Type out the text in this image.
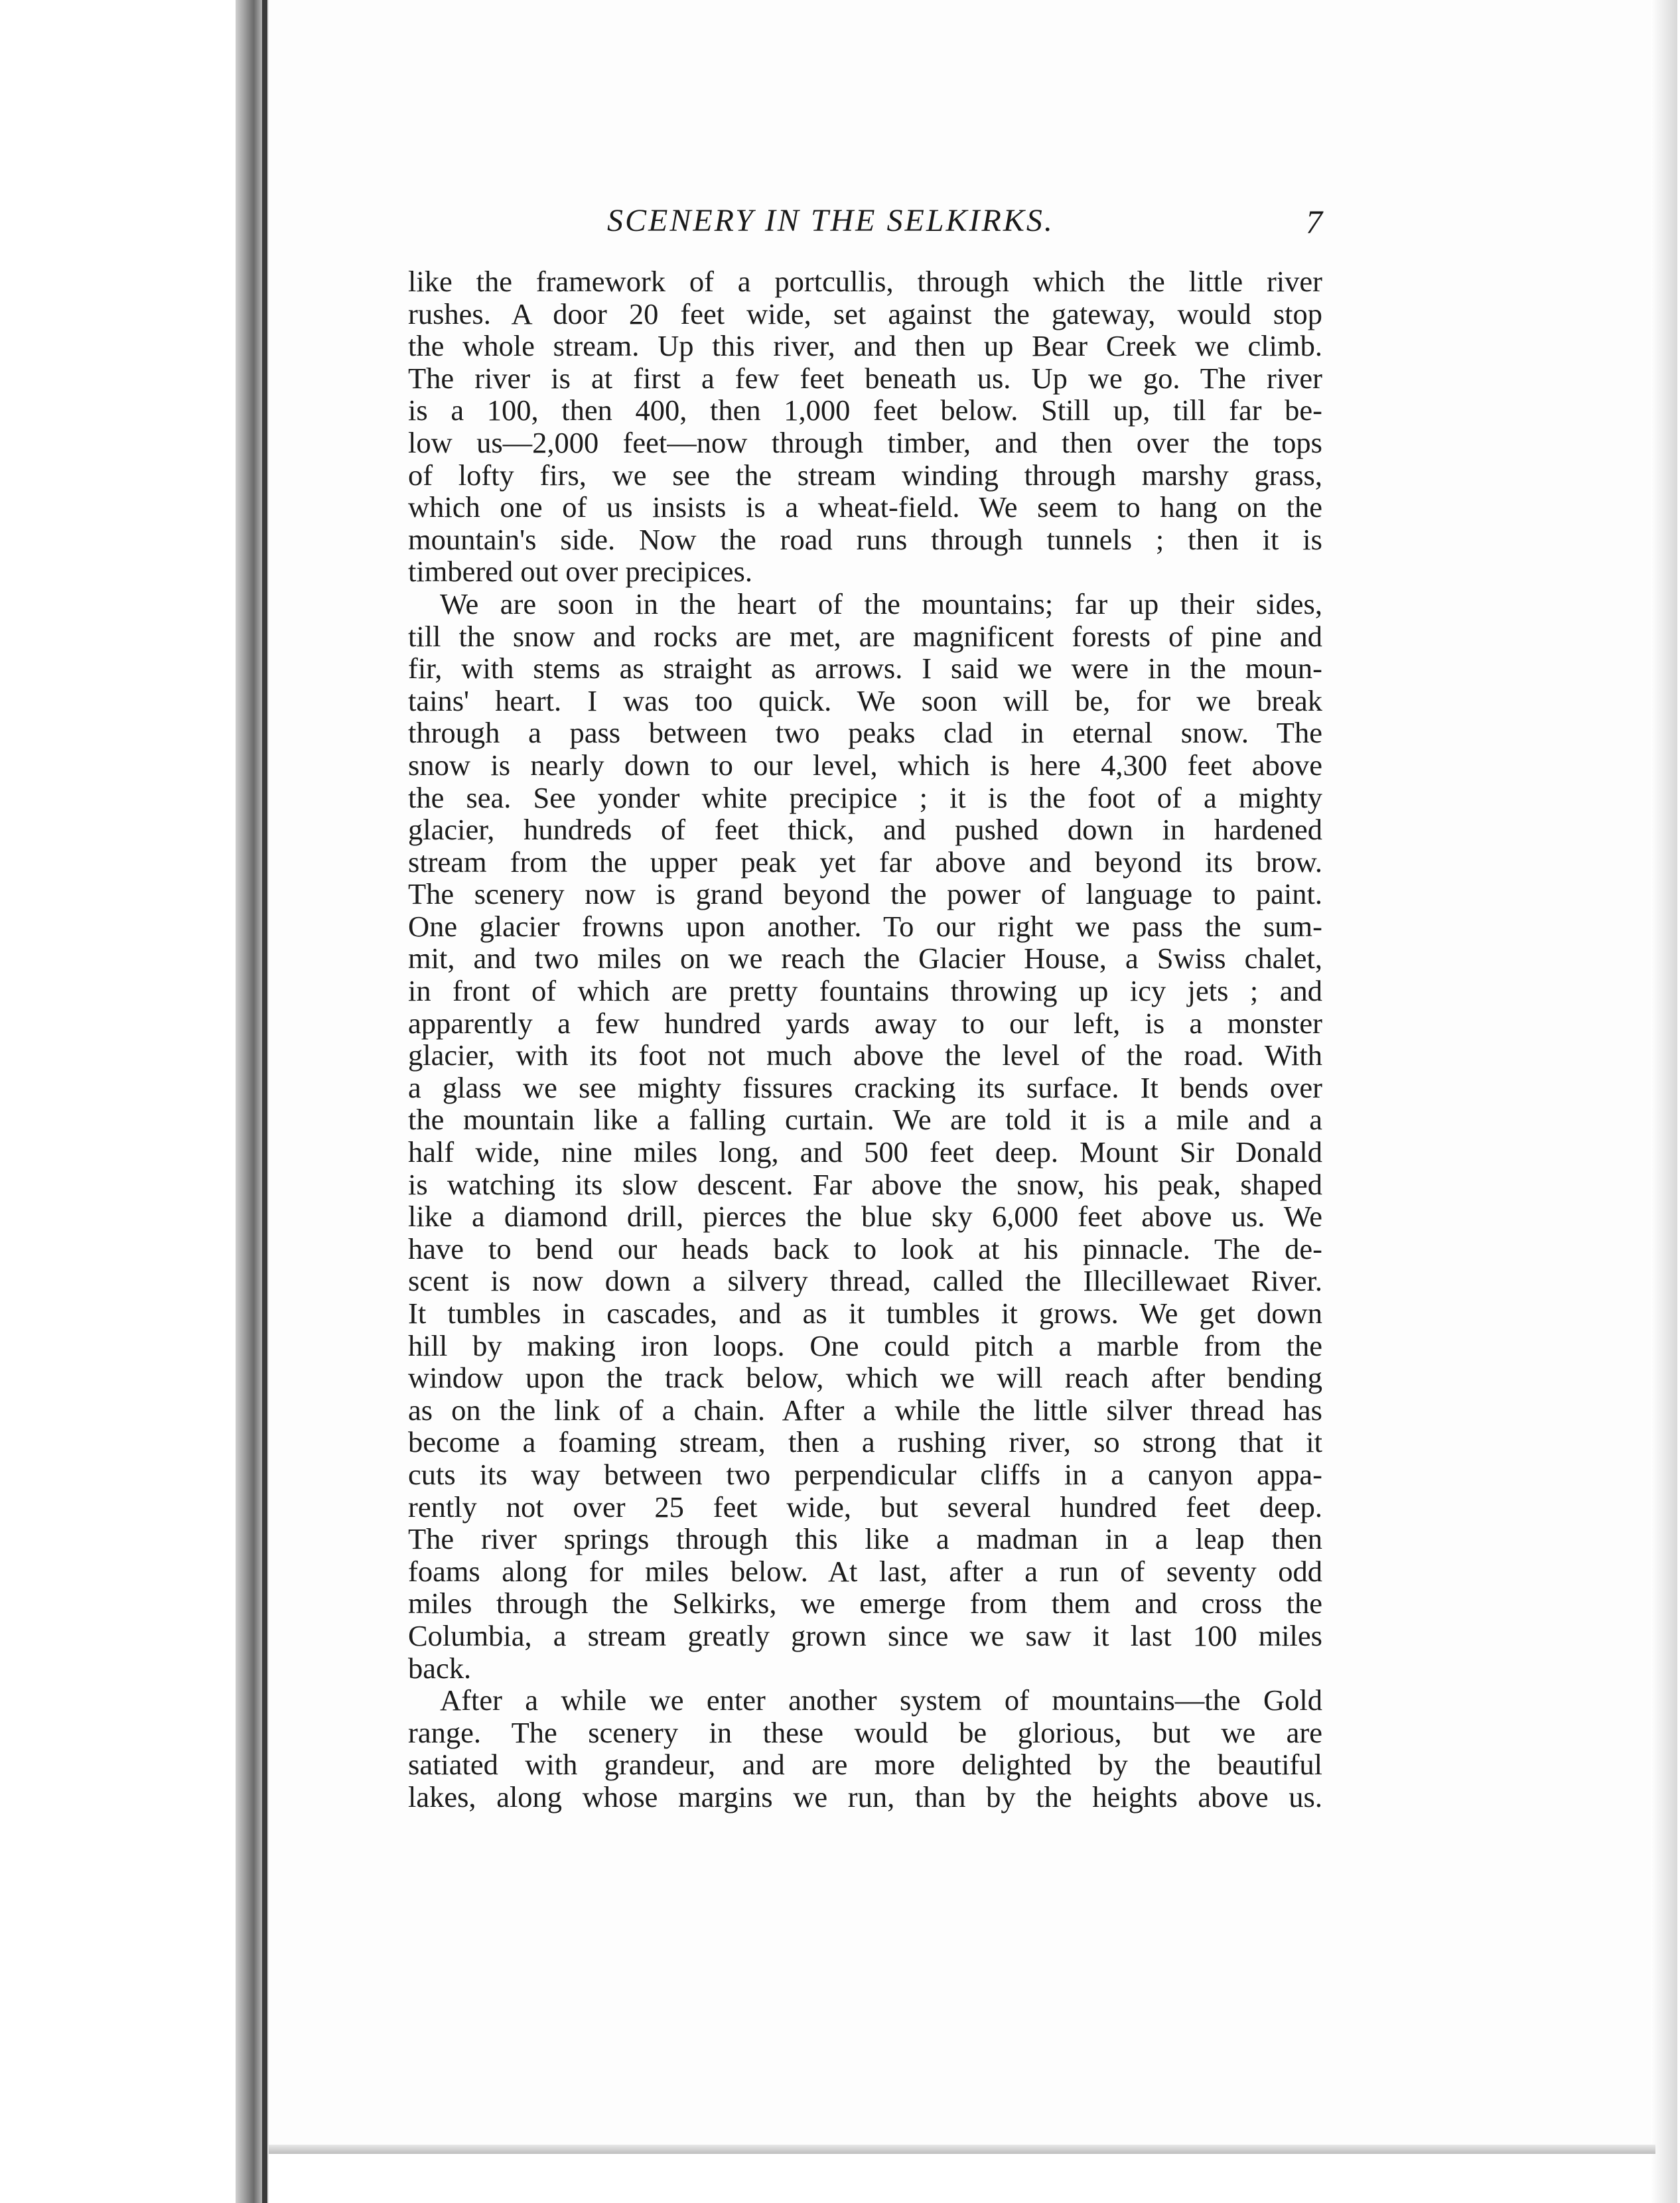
SCENERY IN THE SELKIRKS.	7
like the framework of a portcullis, through which the little river
rushes. A door 20 feet wide, set against the gateway, would stop
the whole stream. Up this river, and then up Bear Creek we climb.
The river is at first a few feet beneath us. Up we go. The river
is a 100, then 400, then 1,000 feet below. Still up, till far be-
low us—2,000 feet—now through timber, and then over the tops
of lofty firs, we see the stream winding through marshy grass,
which one of us insists is a wheat-field. We seem to hang on the
mountain's side. Now the road runs through tunnels ; then it is
timbered out over precipices.
We are soon in the heart of the mountains; far up their sides,
till the snow and rocks are met, are magnificent forests of pine and
fir, with stems as straight as arrows. I said we were in the moun-
tains' heart. I was too quick. We soon will be, for we break
through a pass between two peaks clad in eternal snow. The
snow is nearly down to our level, which is here 4,300 feet above
the sea. See yonder white precipice ; it is the foot of a mighty
glacier, hundreds of feet thick, and pushed down in hardened
stream from the upper peak yet far above and beyond its brow.
The scenery now is grand beyond the power of language to paint.
One glacier frowns upon another. To our right we pass the sum-
mit, and two miles on we reach the Glacier House, a Swiss chalet,
in front of which are pretty fountains throwing up icy jets ; and
apparently a few hundred yards away to our left, is a monster
glacier, with its foot not much above the level of the road. With
a glass we see mighty fissures cracking its surface. It bends over
the mountain like a falling curtain. We are told it is a mile and a
half wide, nine miles long, and 500 feet deep. Mount Sir Donald
is watching its slow descent. Far above the snow, his peak, shaped
like a diamond drill, pierces the blue sky 6,000 feet above us. We
have to bend our heads back to look at his pinnacle. The de-
scent is now down a silvery thread, called the Illecillewaet River.
It tumbles in cascades, and as it tumbles it grows. We get down
hill by making iron loops. One could pitch a marble from the
window upon the track below, which we will reach after bending
as on the link of a chain. After a while the little silver thread has
become a foaming stream, then a rushing river, so strong that it
cuts its way between two perpendicular cliffs in a canyon appa-
rently not over 25 feet wide, but several hundred feet deep.
The river springs through this like a madman in a leap then
foams along for miles below. At last, after a run of seventy odd
miles through the Selkirks, we emerge from them and cross the
Columbia, a stream greatly grown since we saw it last 100 miles
back.
After a while we enter another system of mountains—the Gold
range. The scenery in these would be glorious, but we are
satiated with grandeur, and are more delighted by the beautiful
lakes, along whose margins we run, than by the heights above us.
